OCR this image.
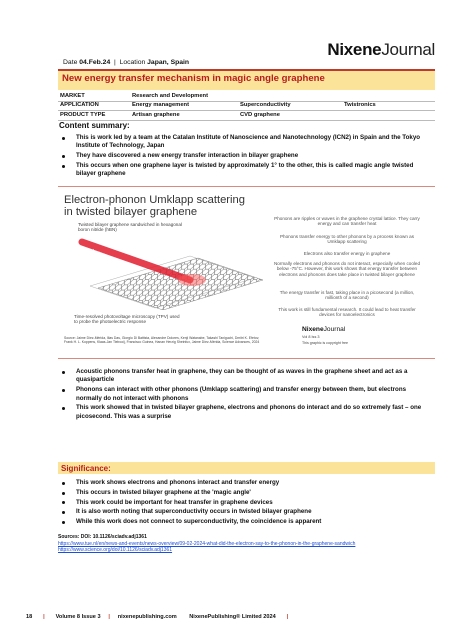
NixeneJournal
Date 04.Feb.24  |  Location Japan, Spain
New energy transfer mechanism in magic angle graphene
MARKET	Research and Development
APPLICATION	Energy management	Superconductivity	Twistronics
PRODUCT TYPE	Artisan graphene	CVD graphene
Content summary:
This is work led by a team at the Catalan Institute of Nanoscience and Nanotechnology (ICN2) in Spain and the Tokyo Institute of Technology, Japan
They have discovered a new energy transfer interaction in bilayer graphene
This occurs when one graphene layer is twisted by approximately 1° to the other, this is called magic angle twisted bilayer graphene
Electron-phonon Umklapp scattering
in twisted bilayer graphene
Twisted bilayer graphene sandwiched in hexagonal boron nitride (hBN)
Laser
Time-resolved photovoltage microscopy (TPV) used to probe the photoelectric response
Phonons are ripples or waves in the graphene crystal lattice. They carry energy and can transfer heat
Phonons transfer energy to other phonons by a process known as Umklapp scattering
Electrons also transfer energy in graphene
Normally electrons and phonons do not interact, especially when cooled below -75°C. However, this work shows that energy transfer between electrons and phonons does take place in twisted bilayer graphene
The energy transfer is fast, taking place in a picosecond (a million, millionth of a second)
This work is still fundamental research. It could lead to heat transfer devices for nanoelectronics
Source: Jaime Díez-Mérida, Ilias Das, Giorgio Di Battista, Alexandre Dolores, Kenji Watanabe, Takashi Taniguchi, Dmitri K. Efetov, Frank H. L. Koppens, Klaas-Jan Tielrooij, Francisco Guinea, Hanan Herzig Sheinfux, Jaime Díez-Mérida, Science Advances, 2024
NixeneJournal
Vol 8 Iss 3
This graphic is copyright free
Acoustic phonons transfer heat in graphene, they can be thought of as waves in the graphene sheet and act as a quasiparticle
Phonons can interact with other phonons (Umklapp scattering) and transfer energy between them, but electrons normally do not interact with phonons
This work showed that in twisted bilayer graphene, electrons and phonons do interact and do so extremely fast – one picosecond. This was a surprise
Significance:
This work shows electrons and phonons interact and transfer energy
This occurs in twisted bilayer graphene at the 'magic angle'
This work could be important for heat transfer in graphene devices
It is also worth noting that superconductivity occurs in twisted bilayer graphene
While this work does not connect to superconductivity, the coincidence is apparent
Sources: DOI: 10.1126/sciadv.adj1361
https://www.tue.nl/en/news-and-events/news-overview/09-02-2024-what-did-the-electron-say-to-the-phonon-in-the-graphene-sandwich
https://www.science.org/doi/10.1126/sciadv.adj1361
18 | Volume 8 Issue 3 | nixenepublishing.com NixenePublishing® Limited 2024 |
